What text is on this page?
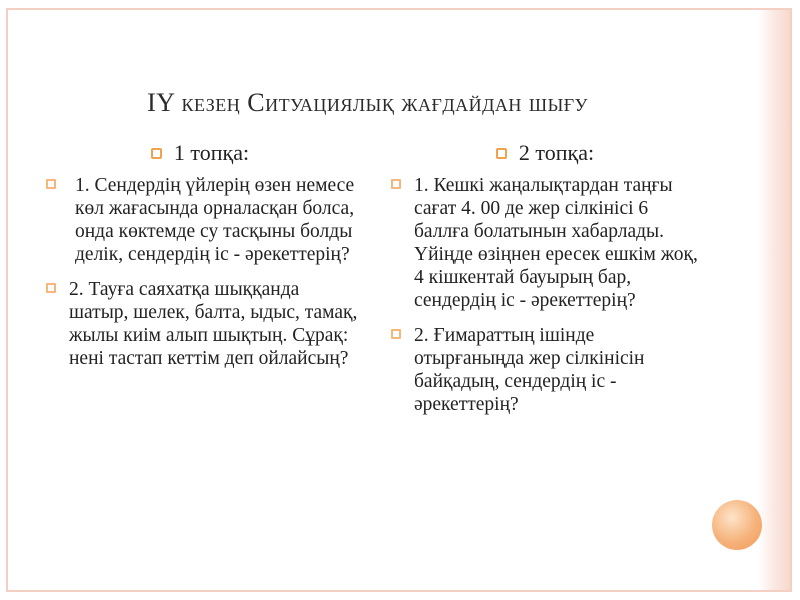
IY кезең Ситуациялық жағдайдан шығу
1 топқа:
1. Сендердің үйлерің өзен немесе көл жағасында орналасқан болса, онда көктемде су тасқыны болды делік, сендердің іс - әрекеттерің?
2. Тауға саяхатқа шыққанда шатыр, шелек, балта, ыдыс, тамақ, жылы киім алып шықтың. Сұрақ: нені тастап кеттім деп ойлайсың?
2 топқа:
1. Кешкі жаңалықтардан таңғы сағат 4. 00 де жер сілкінісі 6 баллға болатынын хабарлады. Үйіңде өзіңнен ересек ешкім жоқ, 4 кішкентай бауырың бар, сендердің іс - әрекеттерің?
2. Ғимараттың ішінде отырғаныңда жер сілкінісін байқадың, сендердің іс - әрекеттерің?
